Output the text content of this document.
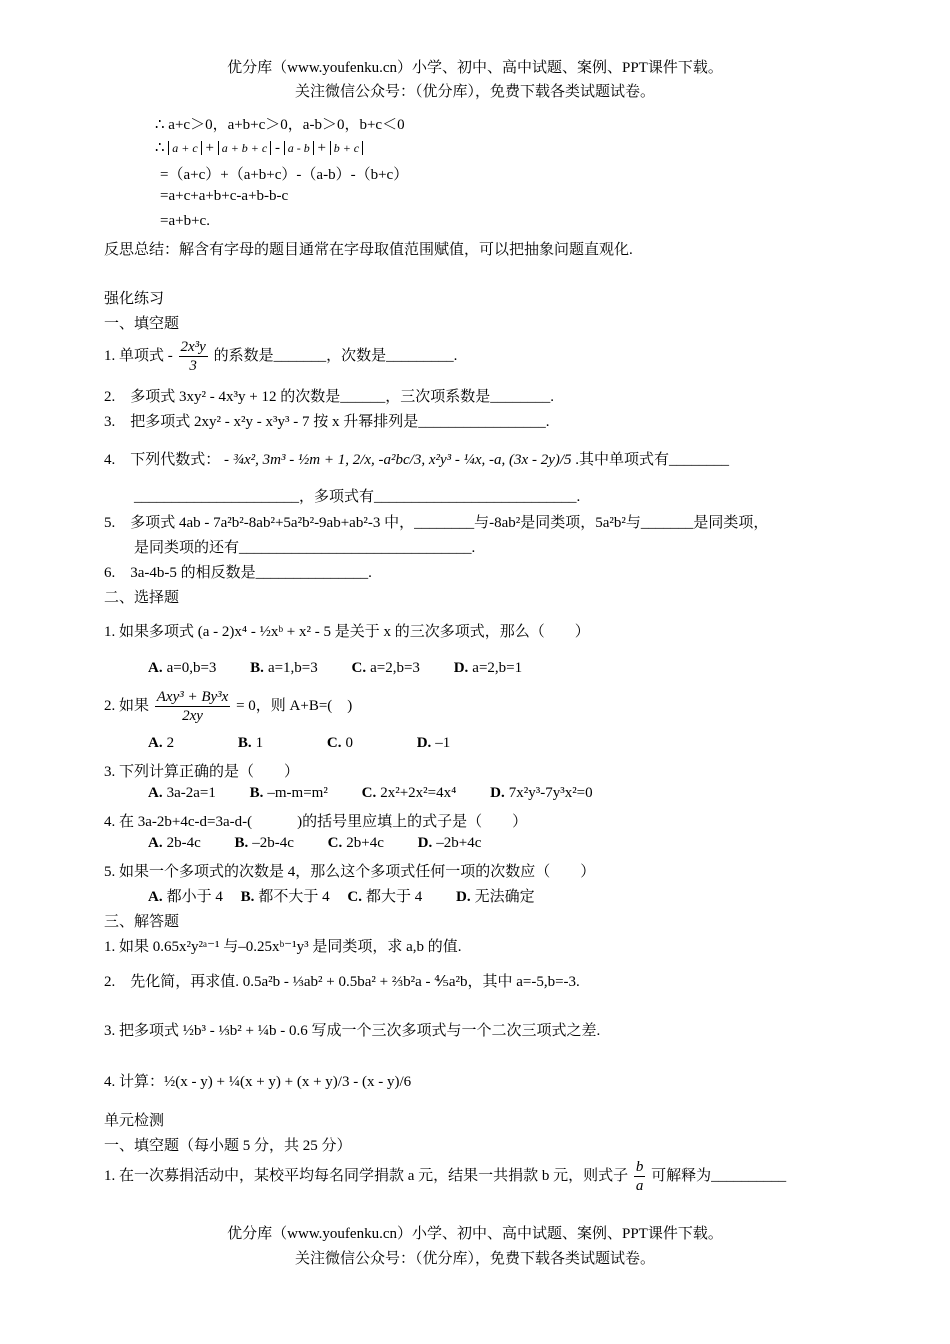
优分库（www.youfenku.cn）小学、初中、高中试题、案例、PPT课件下载。
关注微信公众号：（优分库），免费下载各类试题试卷。
∴ a+c＞0，a+b+c＞0，a-b＞0，b+c＜0
∴ a + c + a + b + c - a - b + b + c
=（a+c）+（a+b+c）-（a-b）-（b+c）
=a+c+a+b+c-a+b-b-c
=a+b+c.
反思总结：解含有字母的题目通常在字母取值范围赋值，可以把抽象问题直观化.
强化练习
一、填空题
1. 单项式 - $\frac{\text{2x³y}}{3}$ 的系数是_______，次数是_________.
2.　多项式 3xy² - 4x³y + 12 的次数是______，三次项系数是________.
3.　把多项式 2xy² - x²y - x³y³ - 7 按 x 升幂排列是_________________.
4.　下列代数式： - ¾x², 3m³ - ½m + 1, 2/x, -a²bc/3, x²y³ - ¼x, -a, (3x - 2y)/5 .其中单项式有________
______________________，多项式有___________________________.
5.　多项式 4ab - 7a²b²-8ab²+5a²b²-9ab+ab²-3 中，________与-8ab²是同类项，5a²b²与_______是同类项，
是同类项的还有_______________________________.
6.　3a-4b-5 的相反数是_______________.
二、选择题
1. 如果多项式 (a - 2)x⁴ - ½xᵇ + x² - 5 是关于 x 的三次多项式，那么（　　）
A. a=0,b=3 B. a=1,b=3 C. a=2,b=3 D. a=2,b=1
2. 如果 $\frac{\text{Axy³ + By³x}}{2xy} = 0$，则 A+B=(　)
A. 2	B. 1	C. 0	D. –1
3. 下列计算正确的是（　　）
A. 3a-2a=1 B. –m-m=m² C. 2x²+2x²=4x⁴ D. 7x²y³-7y³x²=0
4. 在 3a-2b+4c-d=3a-d-(　　　)的括号里应填上的式子是（　　）
A. 2b-4c B. –2b-4c C. 2b+4c D. –2b+4c
5. 如果一个多项式的次数是 4，那么这个多项式任何一项的次数应（　　）
A. 都小于 4 B. 都不大于 4 C. 都大于 4 D. 无法确定
三、解答题
1. 如果 0.65x²y²ᵃ⁻¹ 与–0.25xᵇ⁻¹y³ 是同类项，求 a,b 的值.
2.　先化简，再求值. 0.5a²b - ⅓ab² + 0.5ba² + ⅔b²a - ⅘a²b，其中 a=-5,b=-3.
3. 把多项式 ½b³ - ⅓b² + ¼b - 0.6 写成一个三次多项式与一个二次三项式之差.
4. 计算：½(x - y) + ¼(x + y) + (x + y)/3 - (x - y)/6
单元检测
一、填空题（每小题 5 分，共 25 分）
1. 在一次募捐活动中，某校平均每名同学捐款 a 元，结果一共捐款 b 元，则式子 $\frac{b}{a}$ 可解释为__________
优分库（www.youfenku.cn）小学、初中、高中试题、案例、PPT课件下载。
关注微信公众号：（优分库），免费下载各类试题试卷。
